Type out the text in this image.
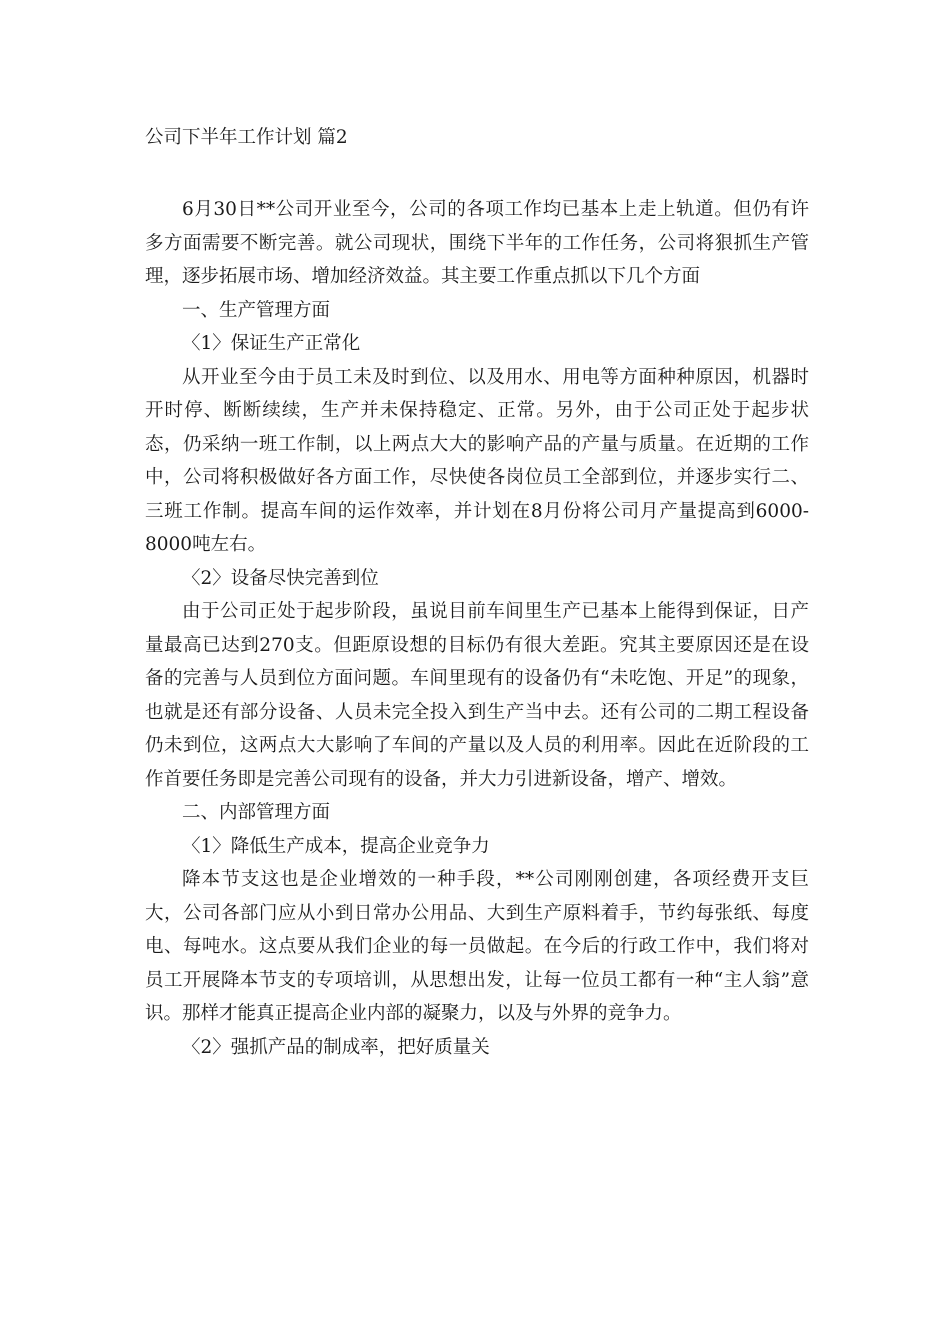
公司下半年工作计划 篇2

6月30日**公司开业至今，公司的各项工作均已基本上走上轨道。但仍有许多方面需要不断完善。就公司现状，围绕下半年的工作任务，公司将狠抓生产管理，逐步拓展市场、增加经济效益。其主要工作重点抓以下几个方面

一、生产管理方面

〈1〉保证生产正常化

从开业至今由于员工未及时到位、以及用水、用电等方面种种原因，机器时开时停、断断续续，生产并未保持稳定、正常。另外，由于公司正处于起步状态，仍采纳一班工作制，以上两点大大的影响产品的产量与质量。在近期的工作中，公司将积极做好各方面工作，尽快使各岗位员工全部到位，并逐步实行二、三班工作制。提高车间的运作效率，并计划在8月份将公司月产量提高到6000-8000吨左右。

〈2〉设备尽快完善到位

由于公司正处于起步阶段，虽说目前车间里生产已基本上能得到保证，日产量最高已达到270支。但距原设想的目标仍有很大差距。究其主要原因还是在设备的完善与人员到位方面问题。车间里现有的设备仍有“未吃饱、开足”的现象，也就是还有部分设备、人员未完全投入到生产当中去。还有公司的二期工程设备仍未到位，这两点大大影响了车间的产量以及人员的利用率。因此在近阶段的工作首要任务即是完善公司现有的设备，并大力引进新设备，增产、增效。

二、内部管理方面

〈1〉降低生产成本，提高企业竞争力

降本节支这也是企业增效的一种手段，**公司刚刚创建，各项经费开支巨大，公司各部门应从小到日常办公用品、大到生产原料着手，节约每张纸、每度电、每吨水。这点要从我们企业的每一员做起。在今后的行政工作中，我们将对员工开展降本节支的专项培训，从思想出发，让每一位员工都有一种“主人翁”意识。那样才能真正提高企业内部的凝聚力，以及与外界的竞争力。

〈2〉强抓产品的制成率，把好质量关
